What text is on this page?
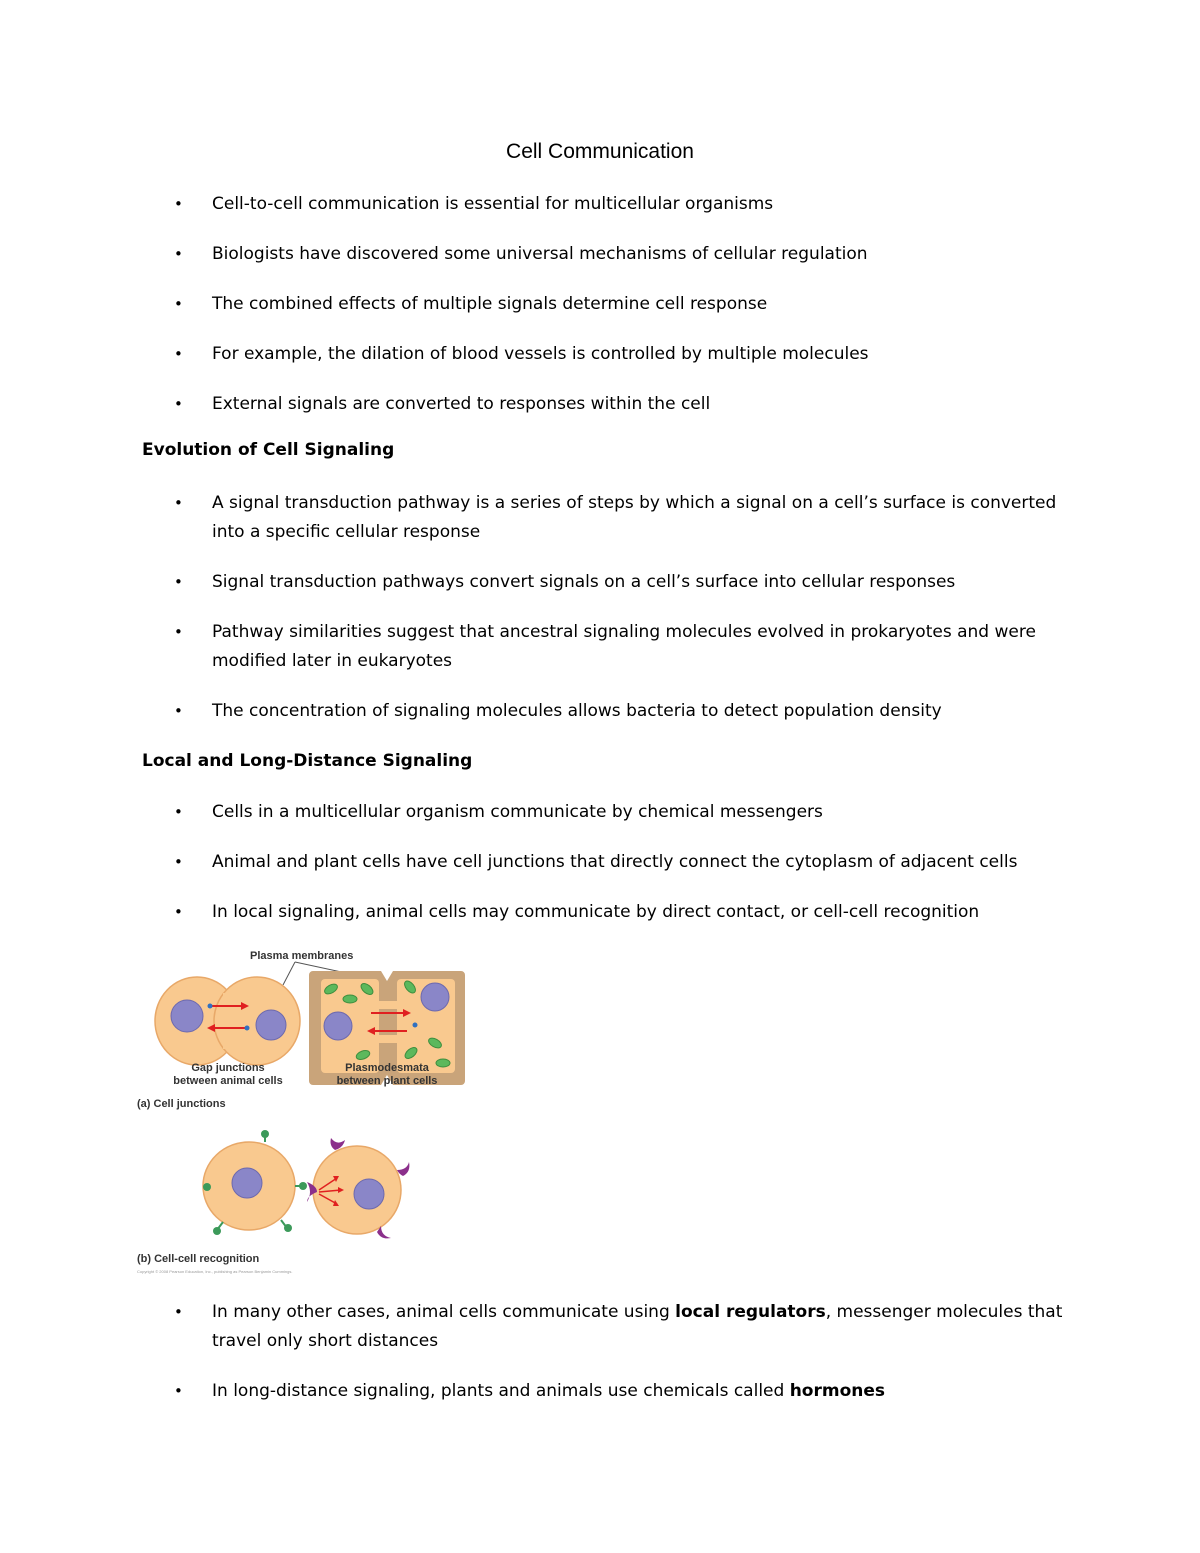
Cell Communication
• Cell-to-cell communication is essential for multicellular organisms
• Biologists have discovered some universal mechanisms of cellular regulation
• The combined effects of multiple signals determine cell response
• For example, the dilation of blood vessels is controlled by multiple molecules
• External signals are converted to responses within the cell
Evolution of Cell Signaling
• A signal transduction pathway is a series of steps by which a signal on a cell’s surface is converted into a specific cellular response
• Signal transduction pathways convert signals on a cell’s surface into cellular responses
• Pathway similarities suggest that ancestral signaling molecules evolved in prokaryotes and were modified later in eukaryotes
• The concentration of signaling molecules allows bacteria to detect population density
Local and Long-Distance Signaling
• Cells in a multicellular organism communicate by chemical messengers
• Animal and plant cells have cell junctions that directly connect the cytoplasm of adjacent cells
• In local signaling, animal cells may communicate by direct contact, or cell-cell recognition
Plasma membranes
Gap junctions
between animal cells
Plasmodesmata
between plant cells
(a) Cell junctions
(b) Cell-cell recognition
Copyright © 2008 Pearson Education, Inc., publishing as Pearson Benjamin Cummings.
• In many other cases, animal cells communicate using local regulators, messenger molecules that travel only short distances
• In long-distance signaling, plants and animals use chemicals called hormones
